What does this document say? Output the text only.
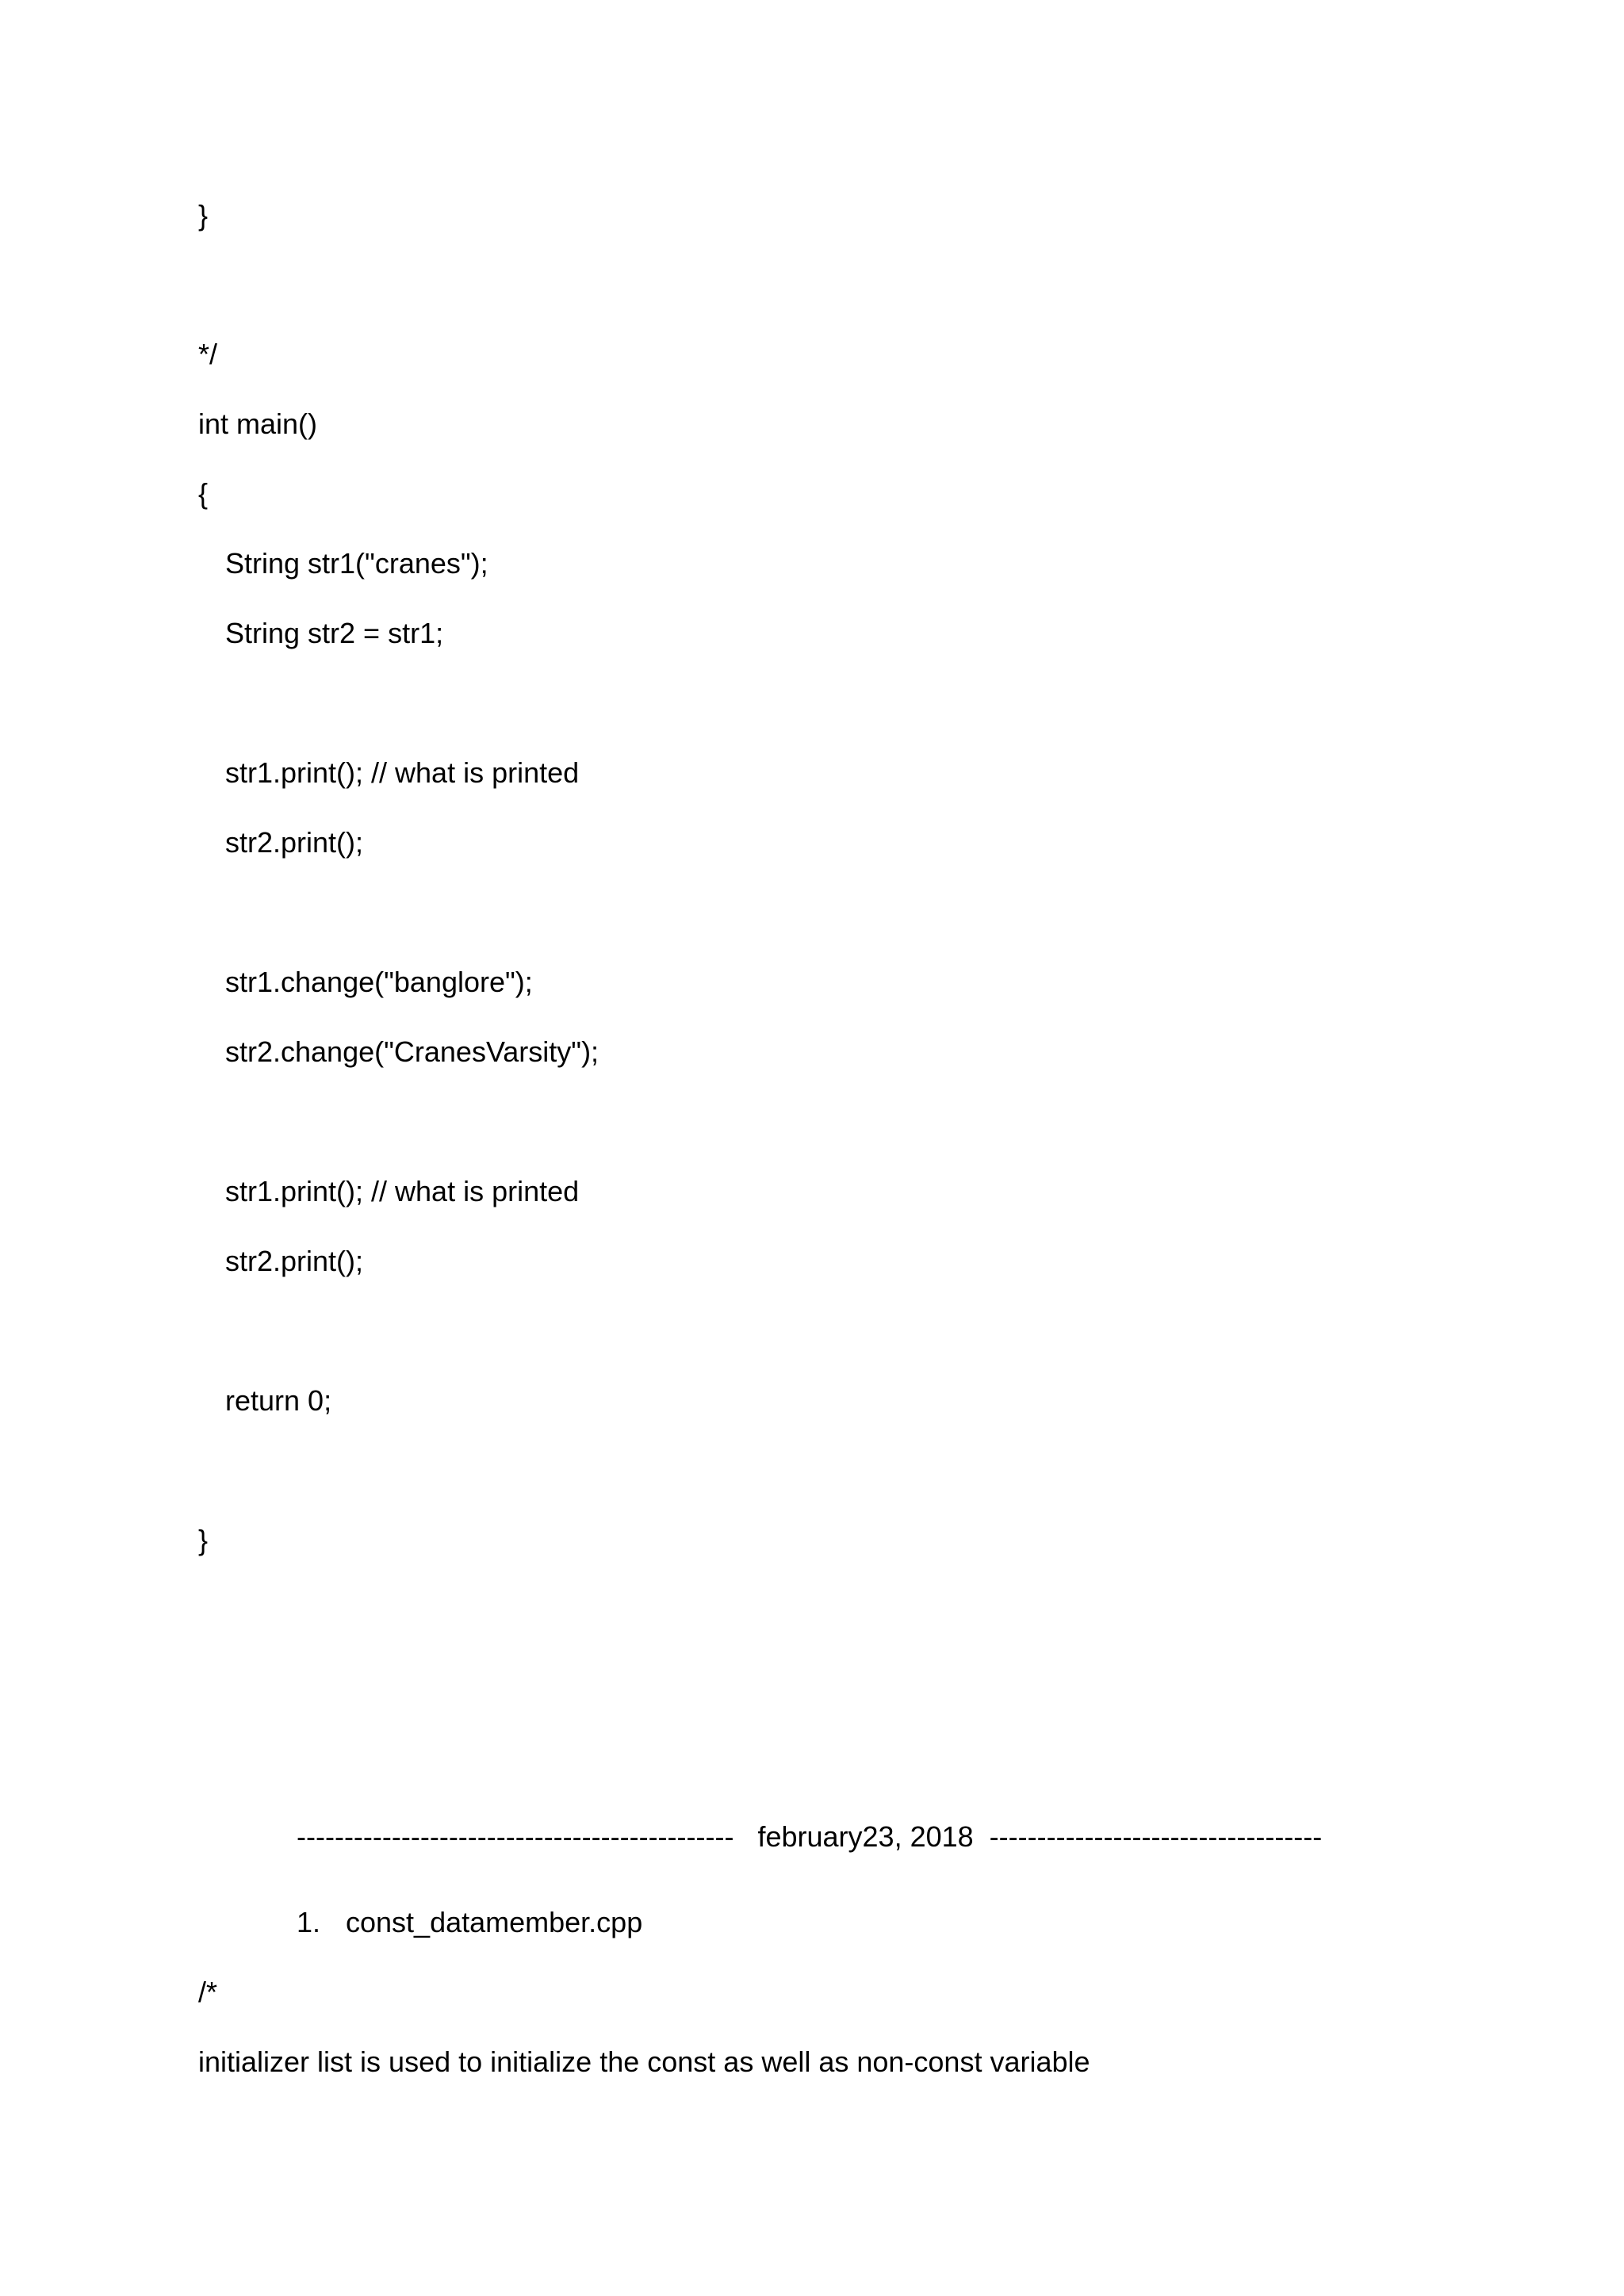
}
*/
int main()
{
String str1("cranes");
String str2 = str1;
str1.print(); // what is printed
str2.print();
str1.change("banglore");
str2.change("CranesVarsity");
str1.print(); // what is printed
str2.print();
return 0;
}
----------------------------------------------   february23, 2018  -----------------------------------
1. const_datamember.cpp
/*
initializer list is used to initialize the const as well as non-const variable
